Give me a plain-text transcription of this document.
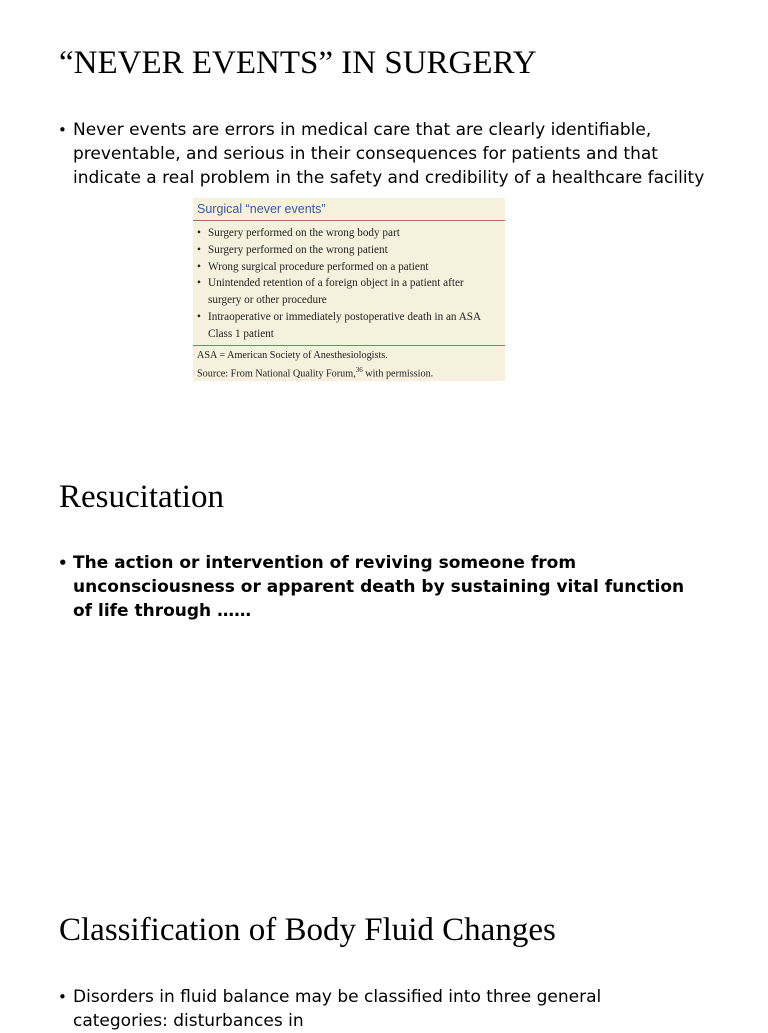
“NEVER EVENTS” IN SURGERY
• Never events are errors in medical care that are clearly identifiable, preventable, and serious in their consequences for patients and that indicate a real problem in the safety and credibility of a healthcare facility
Surgical “never events”
• Surgery performed on the wrong body part
• Surgery performed on the wrong patient
• Wrong surgical procedure performed on a patient
• Unintended retention of a foreign object in a patient after surgery or other procedure
• Intraoperative or immediately postoperative death in an ASA Class 1 patient
ASA = American Society of Anesthesiologists.
Source: From National Quality Forum,$^{36}$ with permission.
Resucitation
• The action or intervention of reviving someone from unconsciousness or apparent death by sustaining vital function of life through ……
Classification of Body Fluid Changes
• Disorders in fluid balance may be classified into three general categories: disturbances in
